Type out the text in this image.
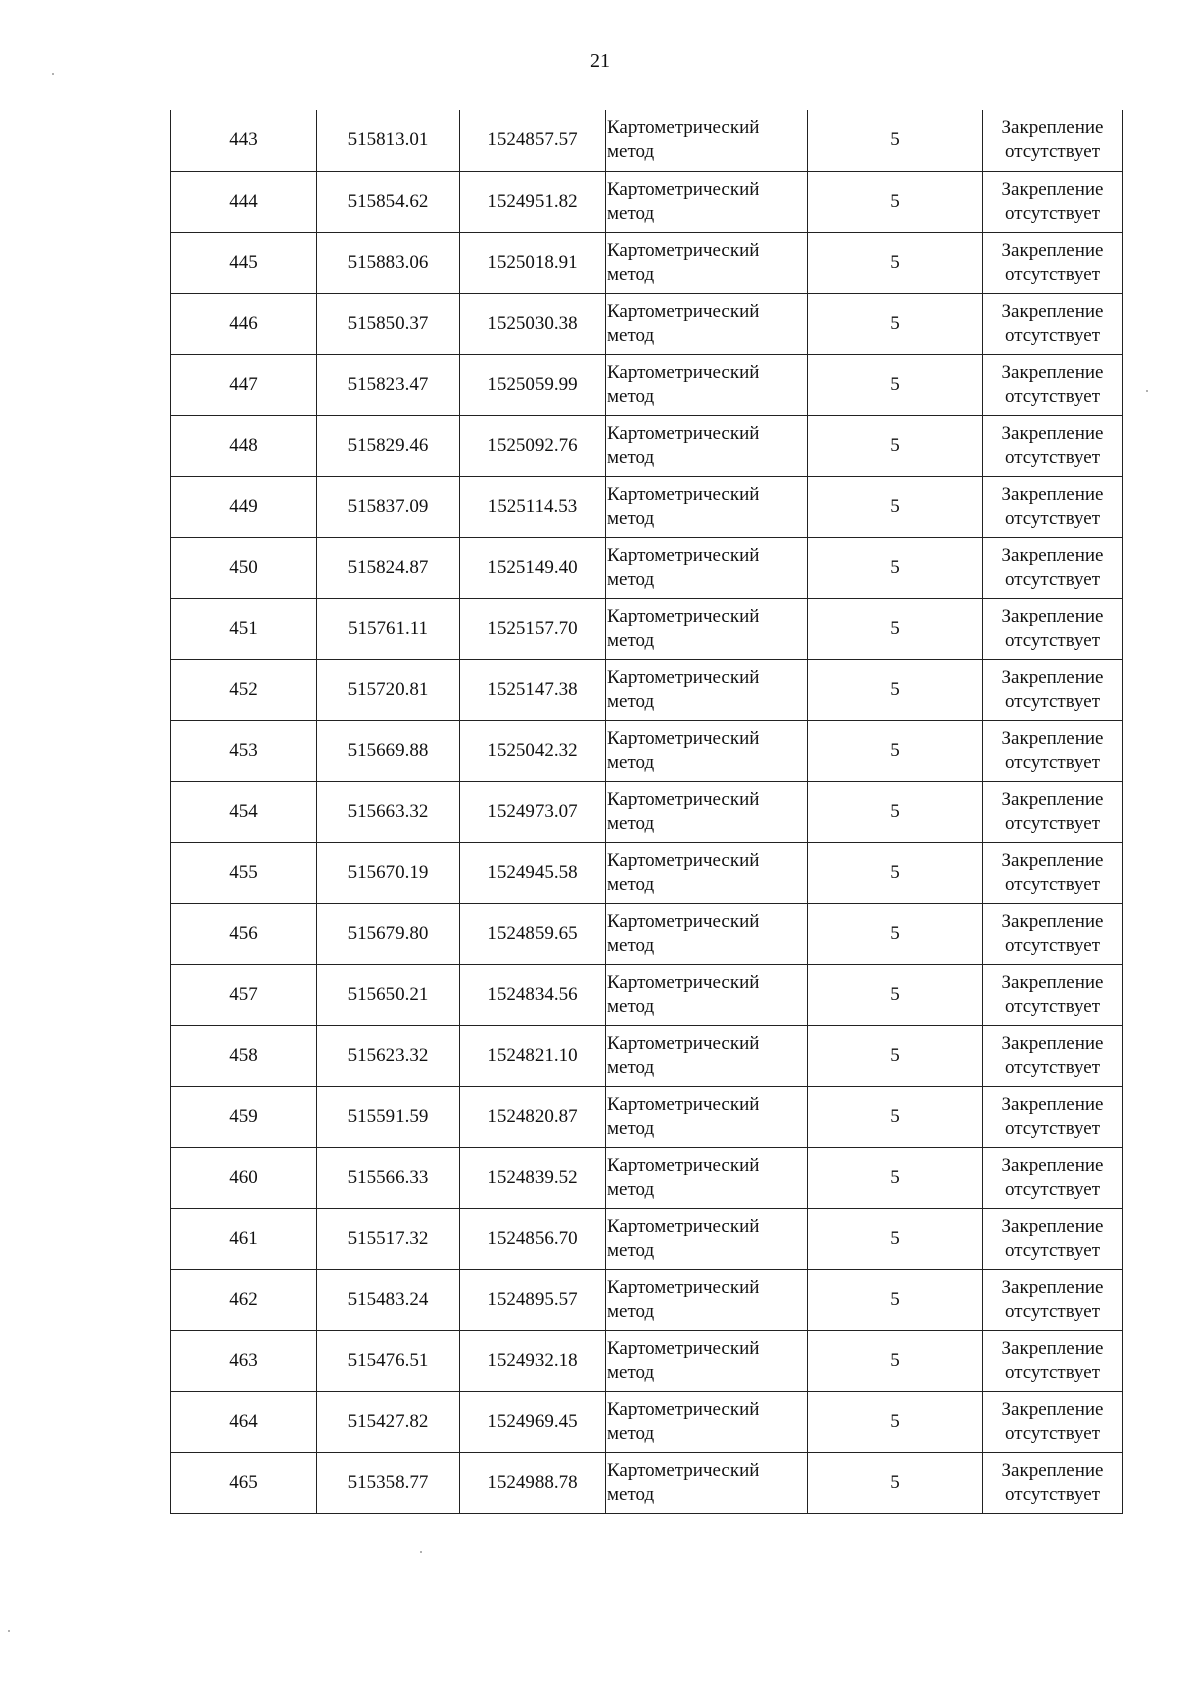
21
443	515813.01	1524857.57	Картометрический
метод	5	Закрепление
отсутствует

444	515854.62	1524951.82	Картометрический
метод	5	Закрепление
отсутствует

445	515883.06	1525018.91	Картометрический
метод	5	Закрепление
отсутствует

446	515850.37	1525030.38	Картометрический
метод	5	Закрепление
отсутствует

447	515823.47	1525059.99	Картометрический
метод	5	Закрепление
отсутствует

448	515829.46	1525092.76	Картометрический
метод	5	Закрепление
отсутствует

449	515837.09	1525114.53	Картометрический
метод	5	Закрепление
отсутствует

450	515824.87	1525149.40	Картометрический
метод	5	Закрепление
отсутствует

451	515761.11	1525157.70	Картометрический
метод	5	Закрепление
отсутствует

452	515720.81	1525147.38	Картометрический
метод	5	Закрепление
отсутствует

453	515669.88	1525042.32	Картометрический
метод	5	Закрепление
отсутствует

454	515663.32	1524973.07	Картометрический
метод	5	Закрепление
отсутствует

455	515670.19	1524945.58	Картометрический
метод	5	Закрепление
отсутствует

456	515679.80	1524859.65	Картометрический
метод	5	Закрепление
отсутствует

457	515650.21	1524834.56	Картометрический
метод	5	Закрепление
отсутствует

458	515623.32	1524821.10	Картометрический
метод	5	Закрепление
отсутствует

459	515591.59	1524820.87	Картометрический
метод	5	Закрепление
отсутствует

460	515566.33	1524839.52	Картометрический
метод	5	Закрепление
отсутствует

461	515517.32	1524856.70	Картометрический
метод	5	Закрепление
отсутствует

462	515483.24	1524895.57	Картометрический
метод	5	Закрепление
отсутствует

463	515476.51	1524932.18	Картометрический
метод	5	Закрепление
отсутствует

464	515427.82	1524969.45	Картометрический
метод	5	Закрепление
отсутствует

465	515358.77	1524988.78	Картометрический
метод	5	Закрепление
отсутствует
